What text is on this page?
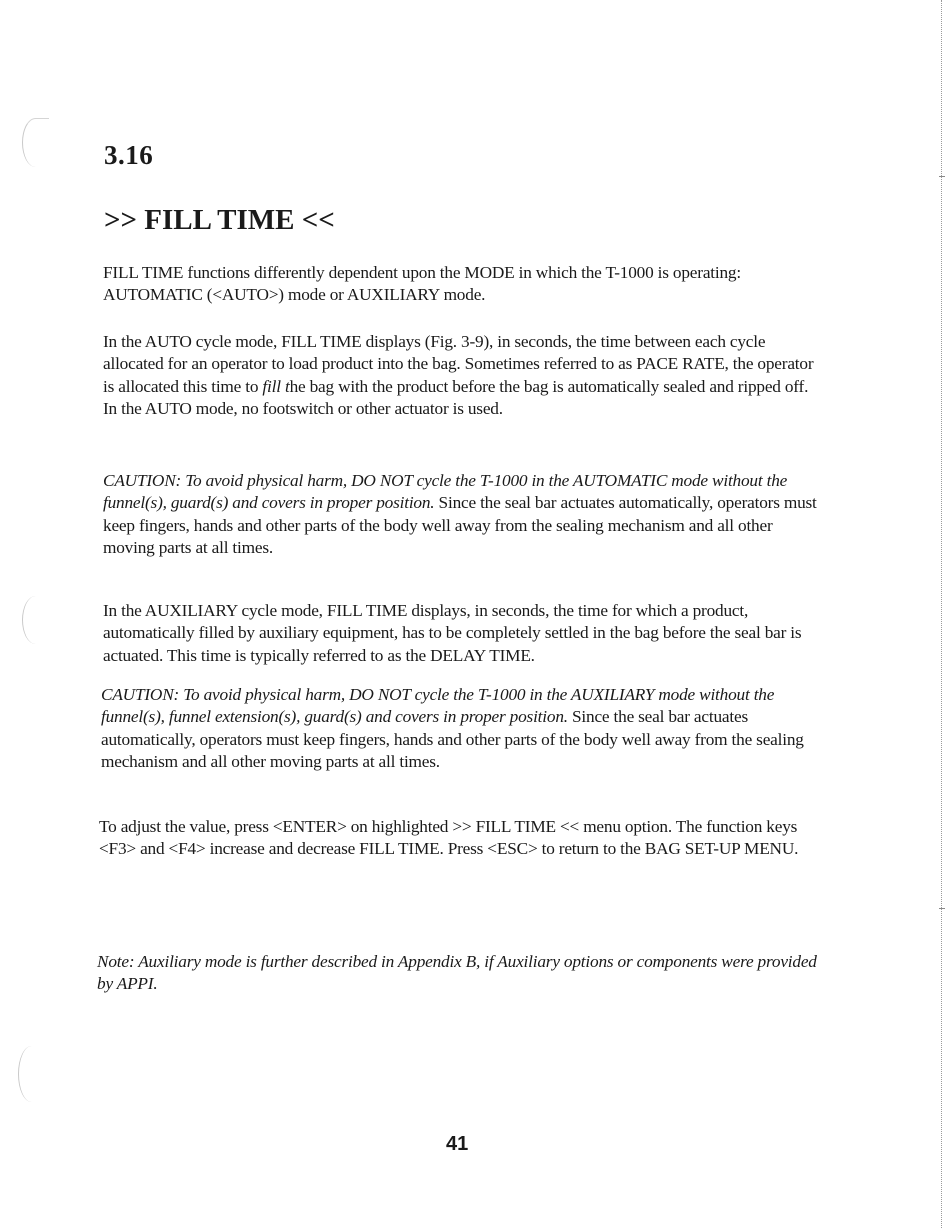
3.16
>> FILL TIME <<

FILL TIME functions differently dependent upon the MODE in which the T-1000 is operating: AUTOMATIC (<AUTO>) mode or AUXILIARY mode.

In the AUTO cycle mode, FILL TIME displays (Fig. 3-9), in seconds, the time between each cycle allocated for an operator to load product into the bag. Sometimes referred to as PACE RATE, the operator is allocated this time to fill the bag with the product before the bag is automatically sealed and ripped off. In the AUTO mode, no footswitch or other actuator is used.

CAUTION: To avoid physical harm, DO NOT cycle the T-1000 in the AUTOMATIC mode without the funnel(s), guard(s) and covers in proper position. Since the seal bar actuates automatically, operators must keep fingers, hands and other parts of the body well away from the sealing mechanism and all other moving parts at all times.

In the AUXILIARY cycle mode, FILL TIME displays, in seconds, the time for which a product, automatically filled by auxiliary equipment, has to be completely settled in the bag before the seal bar is actuated. This time is typically referred to as the DELAY TIME.

CAUTION: To avoid physical harm, DO NOT cycle the T-1000 in the AUXILIARY mode without the funnel(s), funnel extension(s), guard(s) and covers in proper position. Since the seal bar actuates automatically, operators must keep fingers, hands and other parts of the body well away from the sealing mechanism and all other moving parts at all times.

To adjust the value, press <ENTER> on highlighted >> FILL TIME << menu option. The function keys <F3> and <F4> increase and decrease FILL TIME. Press <ESC> to return to the BAG SET-UP MENU.

Note: Auxiliary mode is further described in Appendix B, if Auxiliary options or components were provided by APPI.

41
